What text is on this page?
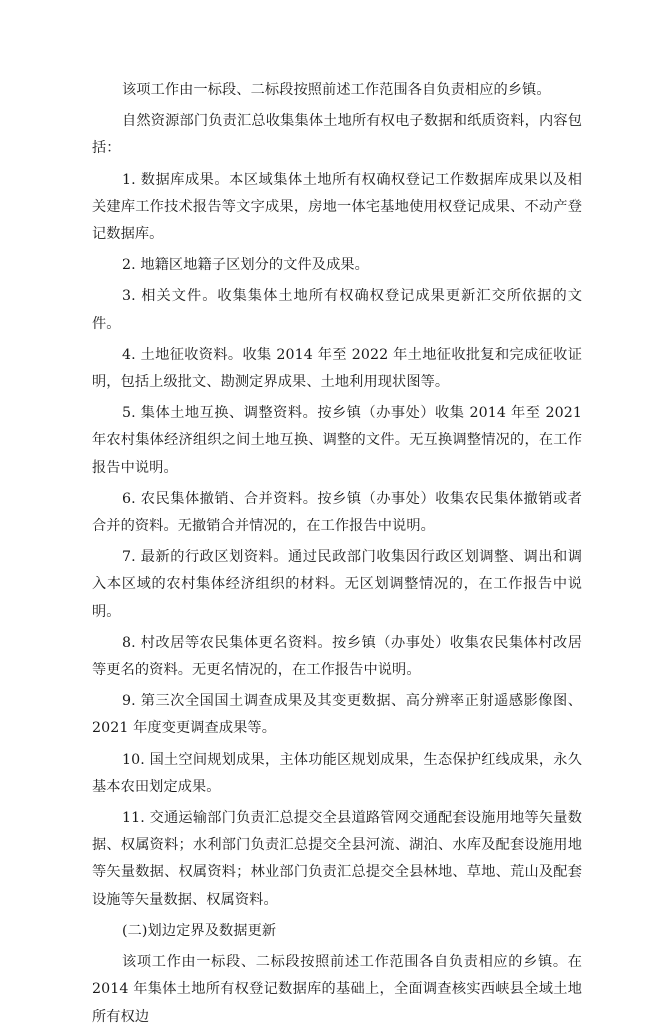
该项工作由一标段、二标段按照前述工作范围各自负责相应的乡镇。

自然资源部门负责汇总收集集体土地所有权电子数据和纸质资料，内容包括：

1. 数据库成果。本区域集体土地所有权确权登记工作数据库成果以及相关建库工作技术报告等文字成果，房地一体宅基地使用权登记成果、不动产登记数据库。

2. 地籍区地籍子区划分的文件及成果。

3. 相关文件。收集集体土地所有权确权登记成果更新汇交所依据的文件。

4. 土地征收资料。收集 2014 年至 2022 年土地征收批复和完成征收证明，包括上级批文、勘测定界成果、土地利用现状图等。

5. 集体土地互换、调整资料。按乡镇（办事处）收集 2014 年至 2021 年农村集体经济组织之间土地互换、调整的文件。无互换调整情况的，在工作报告中说明。

6. 农民集体撤销、合并资料。按乡镇（办事处）收集农民集体撤销或者合并的资料。无撤销合并情况的，在工作报告中说明。

7. 最新的行政区划资料。通过民政部门收集因行政区划调整、调出和调入本区域的农村集体经济组织的材料。无区划调整情况的，在工作报告中说明。

8. 村改居等农民集体更名资料。按乡镇（办事处）收集农民集体村改居等更名的资料。无更名情况的，在工作报告中说明。

9. 第三次全国国土调查成果及其变更数据、高分辨率正射遥感影像图、2021 年度变更调查成果等。

10. 国土空间规划成果，主体功能区规划成果，生态保护红线成果，永久基本农田划定成果。

11. 交通运输部门负责汇总提交全县道路管网交通配套设施用地等矢量数据、权属资料；水利部门负责汇总提交全县河流、湖泊、水库及配套设施用地等矢量数据、权属资料；林业部门负责汇总提交全县林地、草地、荒山及配套设施等矢量数据、权属资料。

(二)划边定界及数据更新

该项工作由一标段、二标段按照前述工作范围各自负责相应的乡镇。在 2014 年集体土地所有权登记数据库的基础上，全面调查核实西峡县全域土地所有权边
